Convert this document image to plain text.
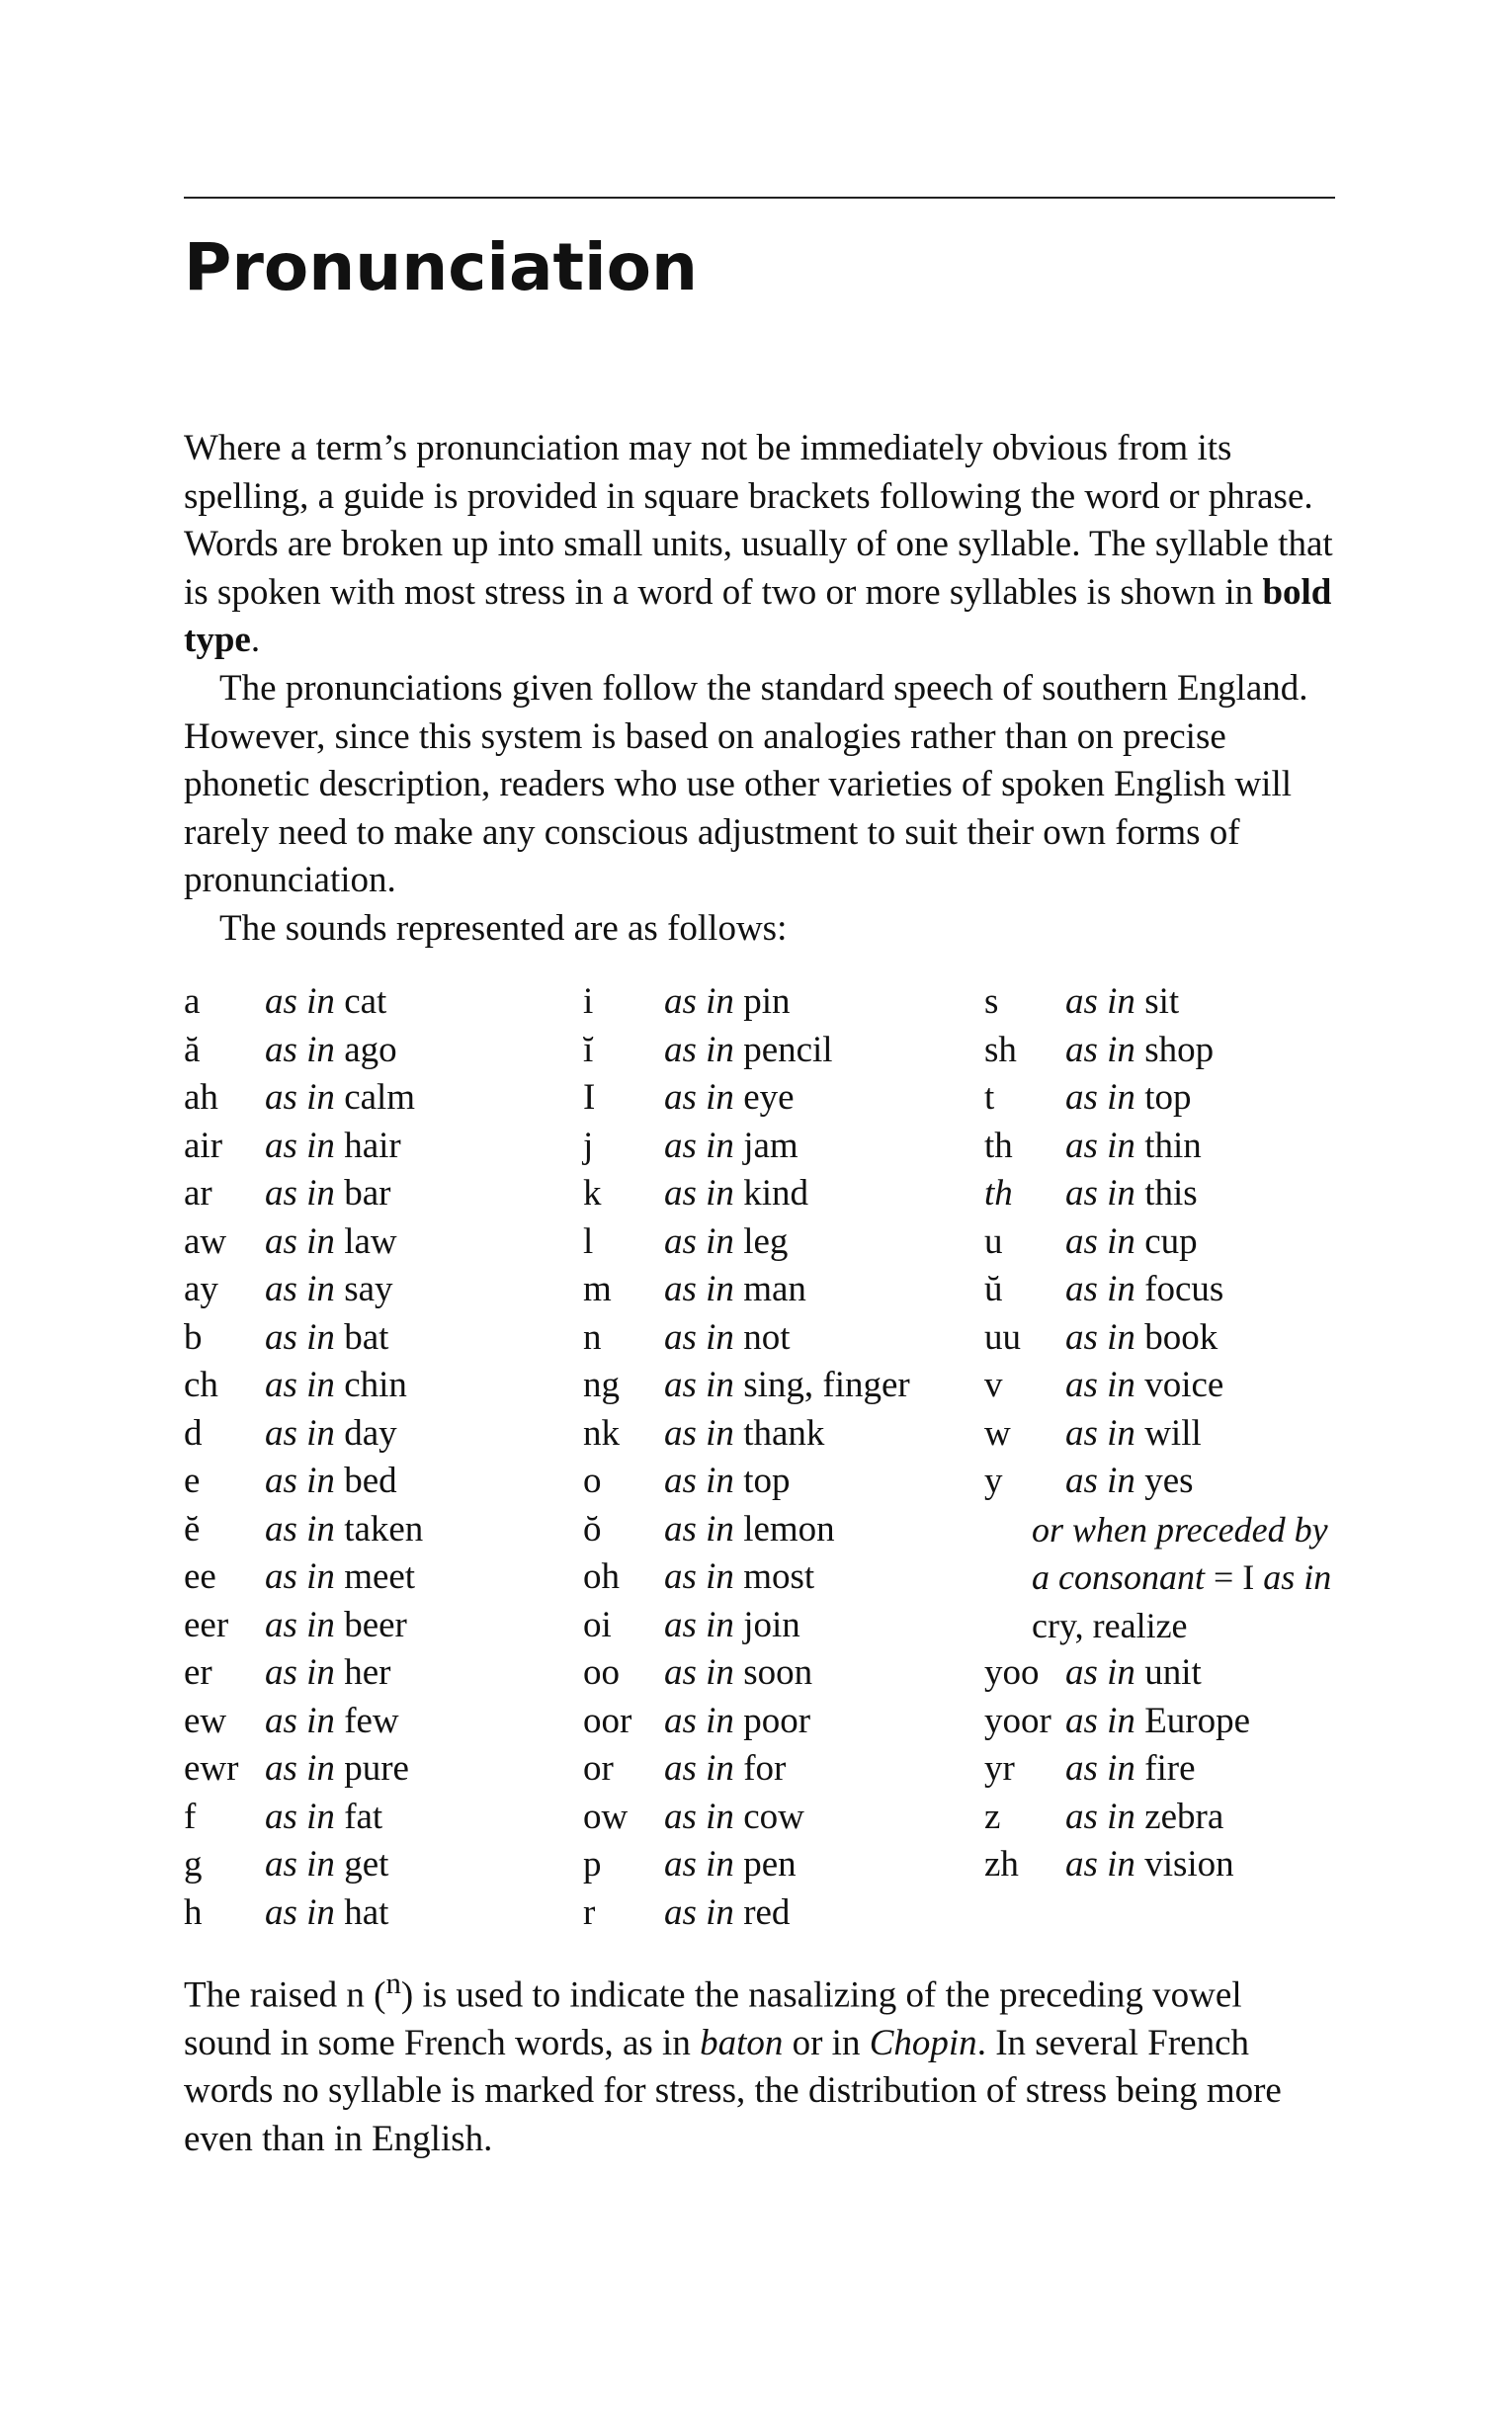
Pronunciation

Where a term’s pronunciation may not be immediately obvious from its spelling, a guide is provided in square brackets following the word or phrase. Words are broken up into small units, usually of one syllable. The syllable that is spoken with most stress in a word of two or more syllables is shown in bold type.

The pronunciations given follow the standard speech of southern England. However, since this system is based on analogies rather than on precise phonetic description, readers who use other varieties of spoken English will rarely need to make any conscious adjustment to suit their own forms of pronunciation.

The sounds represented are as follows:

a as in cat
ă as in ago
ah as in calm
air as in hair
ar as in bar
aw as in law
ay as in say
b as in bat
ch as in chin
d as in day
e as in bed
ĕ as in taken
ee as in meet
eer as in beer
er as in her
ew as in few
ewr as in pure
f as in fat
g as in get
h as in hat
i as in pin
ĭ as in pencil
I as in eye
j as in jam
k as in kind
l as in leg
m as in man
n as in not
ng as in sing, finger
nk as in thank
o as in top
ŏ as in lemon
oh as in most
oi as in join
oo as in soon
oor as in poor
or as in for
ow as in cow
p as in pen
r as in red
s as in sit
sh as in shop
t as in top
th as in thin
th as in this
u as in cup
ŭ as in focus
uu as in book
v as in voice
w as in will
y as in yes
or when preceded by
a consonant = I as in
cry, realize
yoo as in unit
yoor as in Europe
yr as in fire
z as in zebra
zh as in vision

The raised n ($^n$) is used to indicate the nasalizing of the preceding vowel sound in some French words, as in baton or in Chopin. In several French words no syllable is marked for stress, the distribution of stress being more even than in English.
